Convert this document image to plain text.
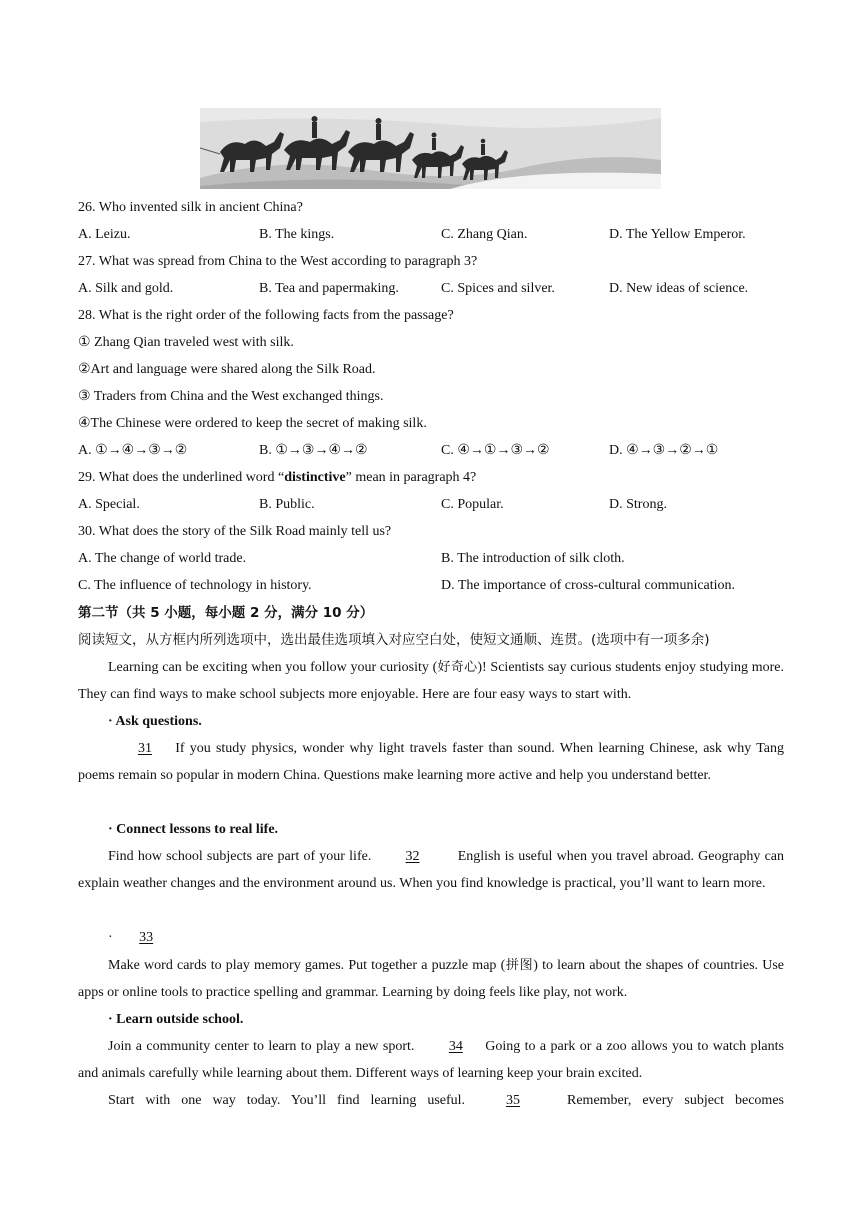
26. Who invented silk in ancient China?
A. Leizu.	B. The kings.	C. Zhang Qian.	D. The Yellow Emperor.
27. What was spread from China to the West according to paragraph 3?
A. Silk and gold.	B. Tea and papermaking.	C. Spices and silver.	D. New ideas of science.
28. What is the right order of the following facts from the passage?
① Zhang Qian traveled west with silk.
②Art and language were shared along the Silk Road.
③ Traders from China and the West exchanged things.
④The Chinese were ordered to keep the secret of making silk.
A. ①→④→③→②	B. ①→③→④→②	C. ④→①→③→②	D. ④→③→②→①
29. What does the underlined word “distinctive” mean in paragraph 4?
A. Special.	B. Public.	C. Popular.	D. Strong.
30. What does the story of the Silk Road mainly tell us?
A. The change of world trade.	B. The introduction of silk cloth.
C. The influence of technology in history.	D. The importance of cross-cultural communication.
第二节（共 5 小题，每小题 2 分，满分 10 分）
阅读短文，从方框内所列选项中，选出最佳选项填入对应空白处，使短文通顺、连贯。(选项中有一项多余)
Learning can be exciting when you follow your curiosity (好奇心)! Scientists say curious students enjoy studying more. They can find ways to make school subjects more enjoyable. Here are four easy ways to start with.
· Ask questions.
31 If you study physics, wonder why light travels faster than sound. When learning Chinese, ask why Tang poems remain so popular in modern China. Questions make learning more active and help you understand better.
· Connect lessons to real life.
Find how school subjects are part of your life. 32 English is useful when you travel abroad. Geography can explain weather changes and the environment around us. When you find knowledge is practical, you’ll want to learn more.
· 33
Make word cards to play memory games. Put together a puzzle map (拼图) to learn about the shapes of countries. Use apps or online tools to practice spelling and grammar. Learning by doing feels like play, not work.
· Learn outside school.
Join a community center to learn to play a new sport. 34 Going to a park or a zoo allows you to watch plants and animals carefully while learning about them. Different ways of learning keep your brain excited.
Start with one way today. You’ll find learning useful. 35	Remember, every subject becomes
